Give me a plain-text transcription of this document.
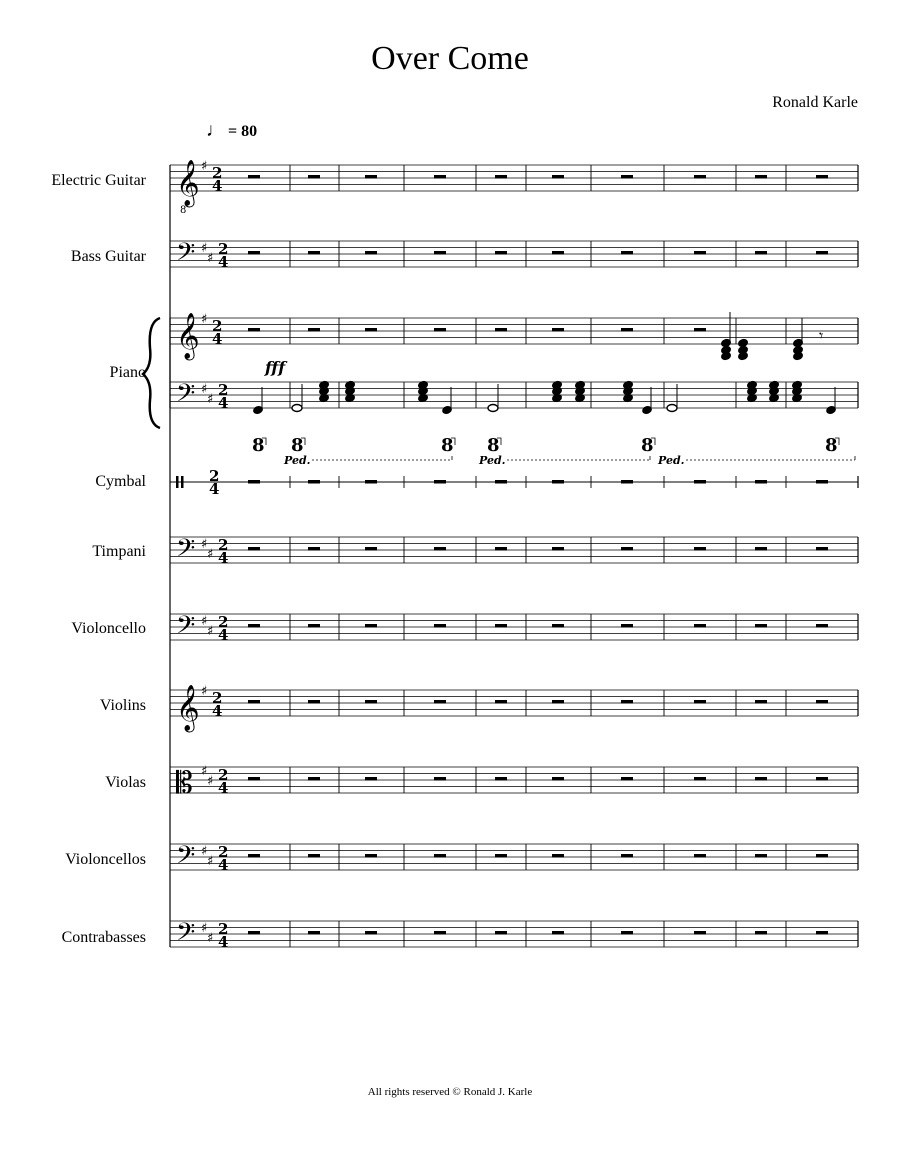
Over Come
Ronald Karle
♩ = 80
Electric Guitar
Bass Guitar
Piano
Cymbal
Timpani
Violoncello
Violins
Violas
Violoncellos
Contrabasses
𝄞
8
♯ 2
4
𝄢 ♯
♯
2
4
𝄞 ♯ 2
4
𝄢 ♯
♯
2
4
2
4
𝄢 ♯
♯
2
4
𝄢 ♯
♯
2
4
𝄞 ♯ 2
4
𝄡 ♯
♯ 2
4
𝄢 ♯
♯
2
4
𝄢 ♯
♯
2
4
𝄾
fff
8 8	8 8	8	8
Ped.	Ped.	Ped.
All rights reserved © Ronald J. Karle
